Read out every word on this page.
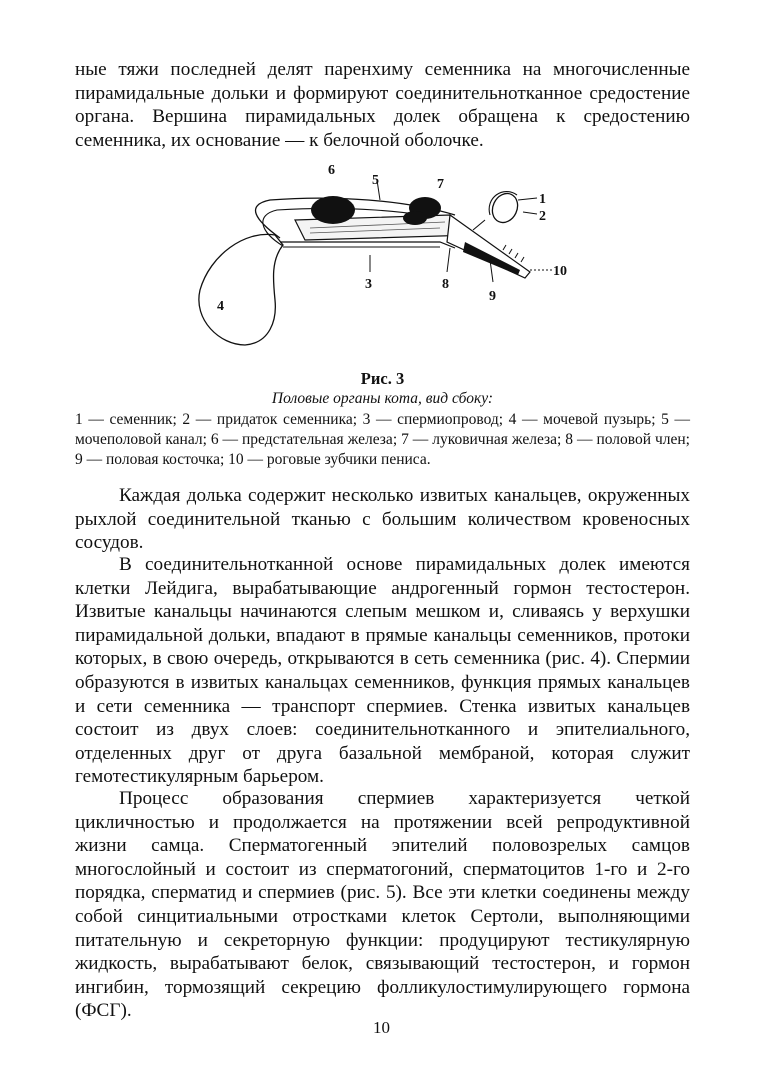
ные тяжи последней делят паренхиму семенника на многочисленные пирамидальные дольки и формируют соединительнотканное средостение органа. Вершина пирамидальных долек обращена к средостению семенника, их основание — к белочной оболочке.

6
5	7
1
2
10
3	8
9
4

Рис. 3

Половые органы кота, вид сбоку:

1 — семенник; 2 — придаток семенника; 3 — спермиопровод; 4 — мочевой пузырь; 5 — мочеполовой канал; 6 — предстательная железа; 7 — луковичная железа; 8 — половой член; 9 — половая косточка; 10 — роговые зубчики пениса.

Каждая долька содержит несколько извитых канальцев, окруженных рыхлой соединительной тканью с большим количеством кровеносных сосудов.

В соединительнотканной основе пирамидальных долек имеются клетки Лейдига, вырабатывающие андрогенный гормон тестостерон. Извитые канальцы начинаются слепым мешком и, сливаясь у верхушки пирамидальной дольки, впадают в прямые канальцы семенников, протоки которых, в свою очередь, открываются в сеть семенника (рис. 4). Спермии образуются в извитых канальцах семенников, функция прямых канальцев и сети семенника — транспорт спермиев. Стенка извитых канальцев состоит из двух слоев: соединительнотканного и эпителиального, отделенных друг от друга базальной мембраной, которая служит гемотестикулярным барьером.

Процесс образования спермиев характеризуется четкой цикличностью и продолжается на протяжении всей репродуктивной жизни самца. Сперматогенный эпителий половозрелых самцов многослойный и состоит из сперматогоний, сперматоцитов 1-го и 2-го порядка, сперматид и спермиев (рис. 5). Все эти клетки соединены между собой синцитиальными отростками клеток Сертоли, выполняющими питательную и секреторную функции: продуцируют тестикулярную жидкость, вырабатывают белок, связывающий тестостерон, и гормон ингибин, тормозящий секрецию фолликулостимулирующего гормона (ФСГ).

10
